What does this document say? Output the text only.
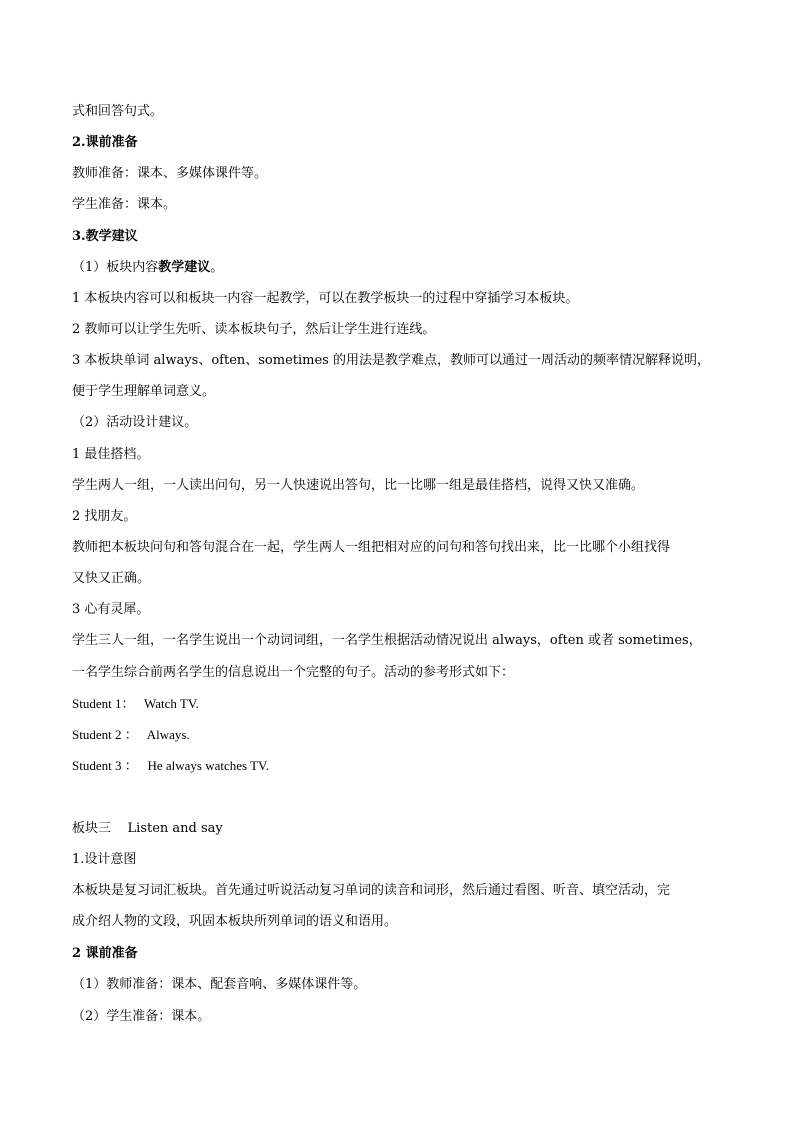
式和回答句式。
2.课前准备
教师准备：课本、多媒体课件等。
学生准备：课本。
3.教学建议
（1）板块内容教学建议。
1 本板块内容可以和板块一内容一起教学，可以在教学板块一的过程中穿插学习本板块。
2 教师可以让学生先听、读本板块句子，然后让学生进行连线。
3 本板块单词 always、often、sometimes 的用法是教学难点，教师可以通过一周活动的频率情况解释说明，
便于学生理解单词意义。
（2）活动设计建议。
1 最佳搭档。
学生两人一组，一人读出问句，另一人快速说出答句，比一比哪一组是最佳搭档，说得又快又准确。
2 找朋友。
教师把本板块问句和答句混合在一起，学生两人一组把相对应的问句和答句找出来，比一比哪个小组找得
又快又正确。
3 心有灵犀。
学生三人一组，一名学生说出一个动词词组，一名学生根据活动情况说出 always，often 或者 sometimes，
一名学生综合前两名学生的信息说出一个完整的句子。活动的参考形式如下：
Student 1：   Watch TV.
Student 2 ：   Always.
Student 3 ：   He always watches TV.
板块三    Listen and say
1.设计意图
本板块是复习词汇板块。首先通过听说活动复习单词的读音和词形，然后通过看图、听音、填空活动，完
成介绍人物的文段，巩固本板块所列单词的语义和语用。
2 课前准备
（1）教师准备：课本、配套音响、多媒体课件等。
（2）学生准备：课本。
